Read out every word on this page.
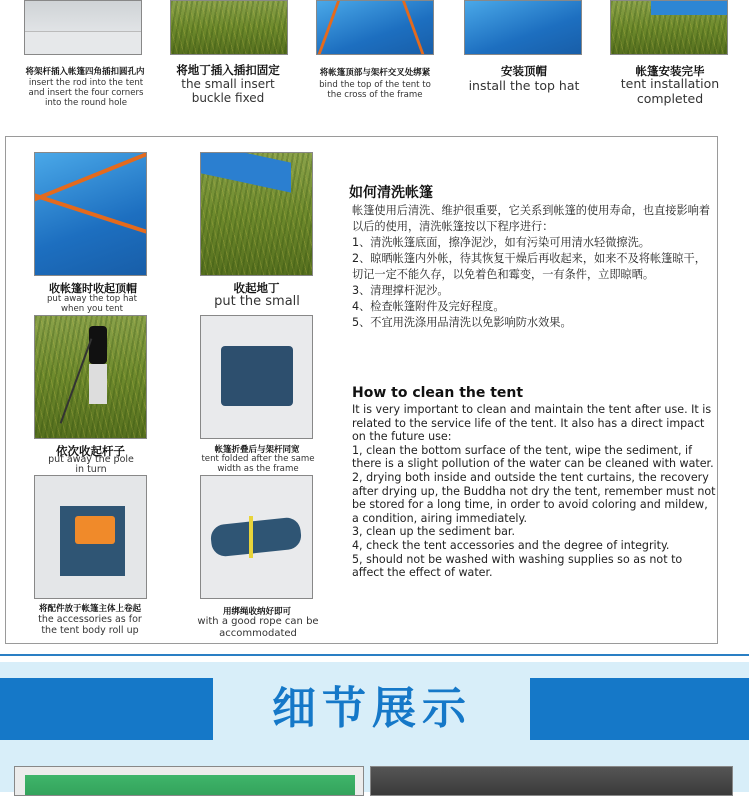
将架杆插入帐篷四角插扣圆孔内
insert the rod into the tent and insert the four corners into the round hole
将地丁插入插扣固定
the small insert buckle fixed
将帐篷顶部与架杆交叉处绑紧
bind the top of the tent to the cross of the frame
安装顶帽
install the top hat
帐篷安装完毕
tent installation completed
收帐篷时收起顶帽
put away the top hat when you tent
收起地丁
put the small
依次收起杆子
put away the pole in turn
帐篷折叠后与架杆同宽
tent folded after the same width as the frame
将配件放于帐篷主体上卷起
the accessories as for the tent body roll up
用绑绳收纳好即可
with a good rope can be accommodated
如何清洗帐篷
帐篷使用后清洗、维护很重要，它关系到帐篷的使用寿命，也直接影响着以后的使用，清洗帐篷按以下程序进行：
1、清洗帐篷底面，擦净泥沙，如有污染可用清水轻微擦洗。
2、晾晒帐篷内外帐，待其恢复干燥后再收起来，如来不及将帐篷晾干，切记一定不能久存，以免着色和霉变，一有条件，立即晾晒。
3、清理撑杆泥沙。
4、检查帐篷附件及完好程度。
5、不宜用洗涤用品清洗以免影响防水效果。
How to clean the tent
It is very important to clean and maintain the tent after use. It is related to the service life of the tent. It also has a direct impact on the future use:
1, clean the bottom surface of the tent, wipe the sediment, if there is a slight pollution of the water can be cleaned with water.
2, drying both inside and outside the tent curtains, the recovery after drying up, the Buddha not dry the tent, remember must not be stored for a long time, in order to avoid coloring and mildew, a condition, airing immediately.
3, clean up the sediment bar.
4, check the tent accessories and the degree of integrity.
5, should not be washed with washing supplies so as not to affect the effect of water.
细节展示
